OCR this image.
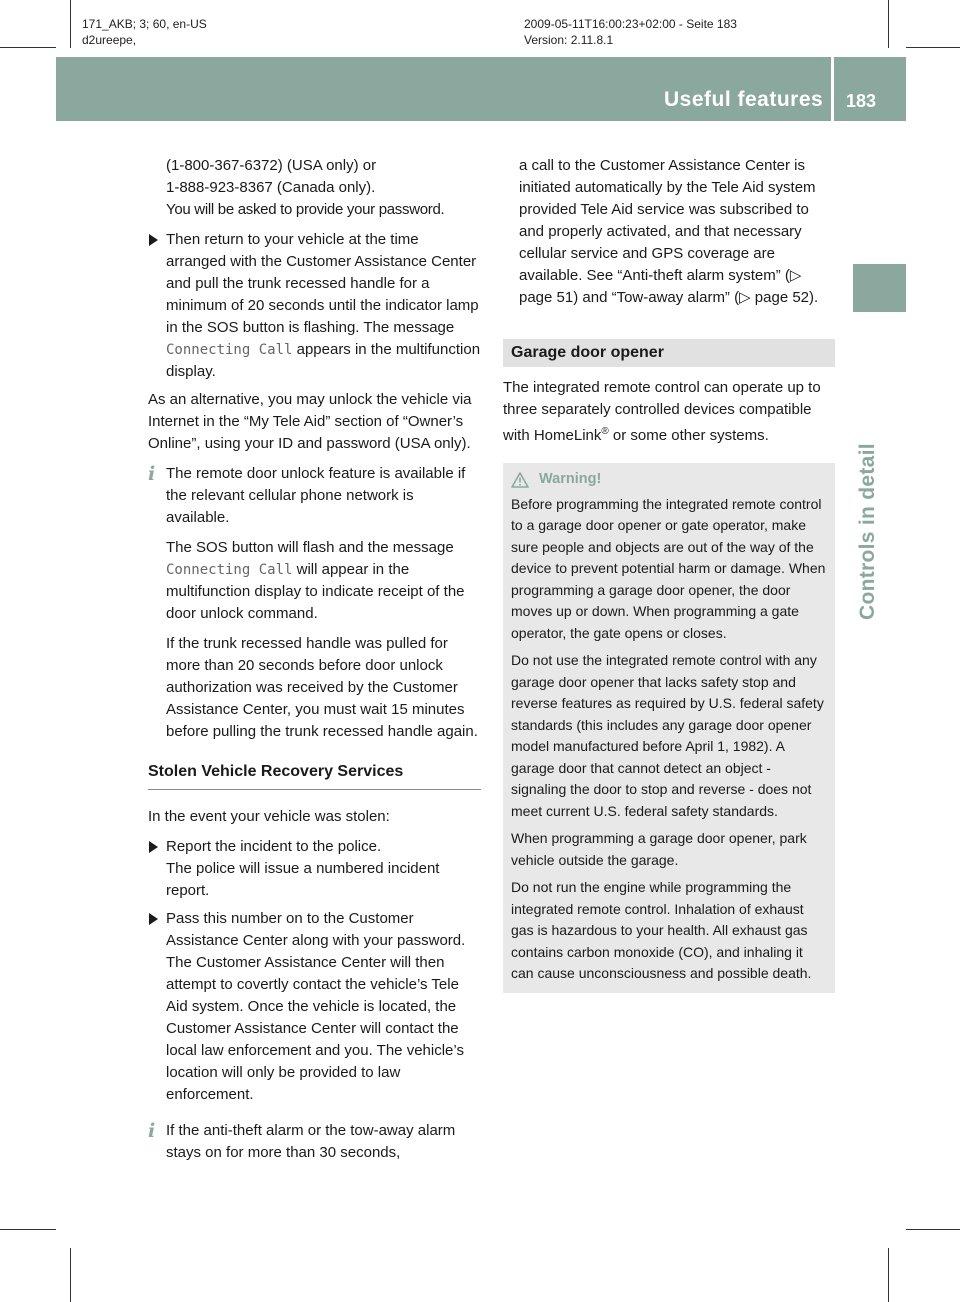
171_AKB; 3; 60, en-US
d2ureepe,
2009-05-11T16:00:23+02:00 - Seite 183
Version: 2.11.8.1
Useful features 183
Controls in detail
(1-800-367-6372) (USA only) or
1-888-923-8367 (Canada only).
You will be asked to provide your password.
Then return to your vehicle at the time arranged with the Customer Assistance Center and pull the trunk recessed handle for a minimum of 20 seconds until the indicator lamp in the SOS button is flashing. The message Connecting Call appears in the multifunction display.
As an alternative, you may unlock the vehicle via Internet in the “My Tele Aid” section of “Owner’s Online”, using your ID and password (USA only).
i The remote door unlock feature is available if the relevant cellular phone network is available.
The SOS button will flash and the message Connecting Call will appear in the multifunction display to indicate receipt of the door unlock command.
If the trunk recessed handle was pulled for more than 20 seconds before door unlock authorization was received by the Customer Assistance Center, you must wait 15 minutes before pulling the trunk recessed handle again.
Stolen Vehicle Recovery Services
In the event your vehicle was stolen:
Report the incident to the police.
The police will issue a numbered incident report.
Pass this number on to the Customer Assistance Center along with your password.
The Customer Assistance Center will then attempt to covertly contact the vehicle’s Tele Aid system. Once the vehicle is located, the Customer Assistance Center will contact the local law enforcement and you. The vehicle’s location will only be provided to law enforcement.
i If the anti-theft alarm or the tow-away alarm stays on for more than 30 seconds,
a call to the Customer Assistance Center is initiated automatically by the Tele Aid system provided Tele Aid service was subscribed to and properly activated, and that necessary cellular service and GPS coverage are available. See “Anti-theft alarm system” (▷ page 51) and “Tow-away alarm” (▷ page 52).
Garage door opener
The integrated remote control can operate up to three separately controlled devices compatible with HomeLink® or some other systems.
Warning!
Before programming the integrated remote control to a garage door opener or gate operator, make sure people and objects are out of the way of the device to prevent potential harm or damage. When programming a garage door opener, the door moves up or down. When programming a gate operator, the gate opens or closes.
Do not use the integrated remote control with any garage door opener that lacks safety stop and reverse features as required by U.S. federal safety standards (this includes any garage door opener model manufactured before April 1, 1982). A garage door that cannot detect an object - signaling the door to stop and reverse - does not meet current U.S. federal safety standards.
When programming a garage door opener, park vehicle outside the garage.
Do not run the engine while programming the integrated remote control. Inhalation of exhaust gas is hazardous to your health. All exhaust gas contains carbon monoxide (CO), and inhaling it can cause unconsciousness and possible death.
